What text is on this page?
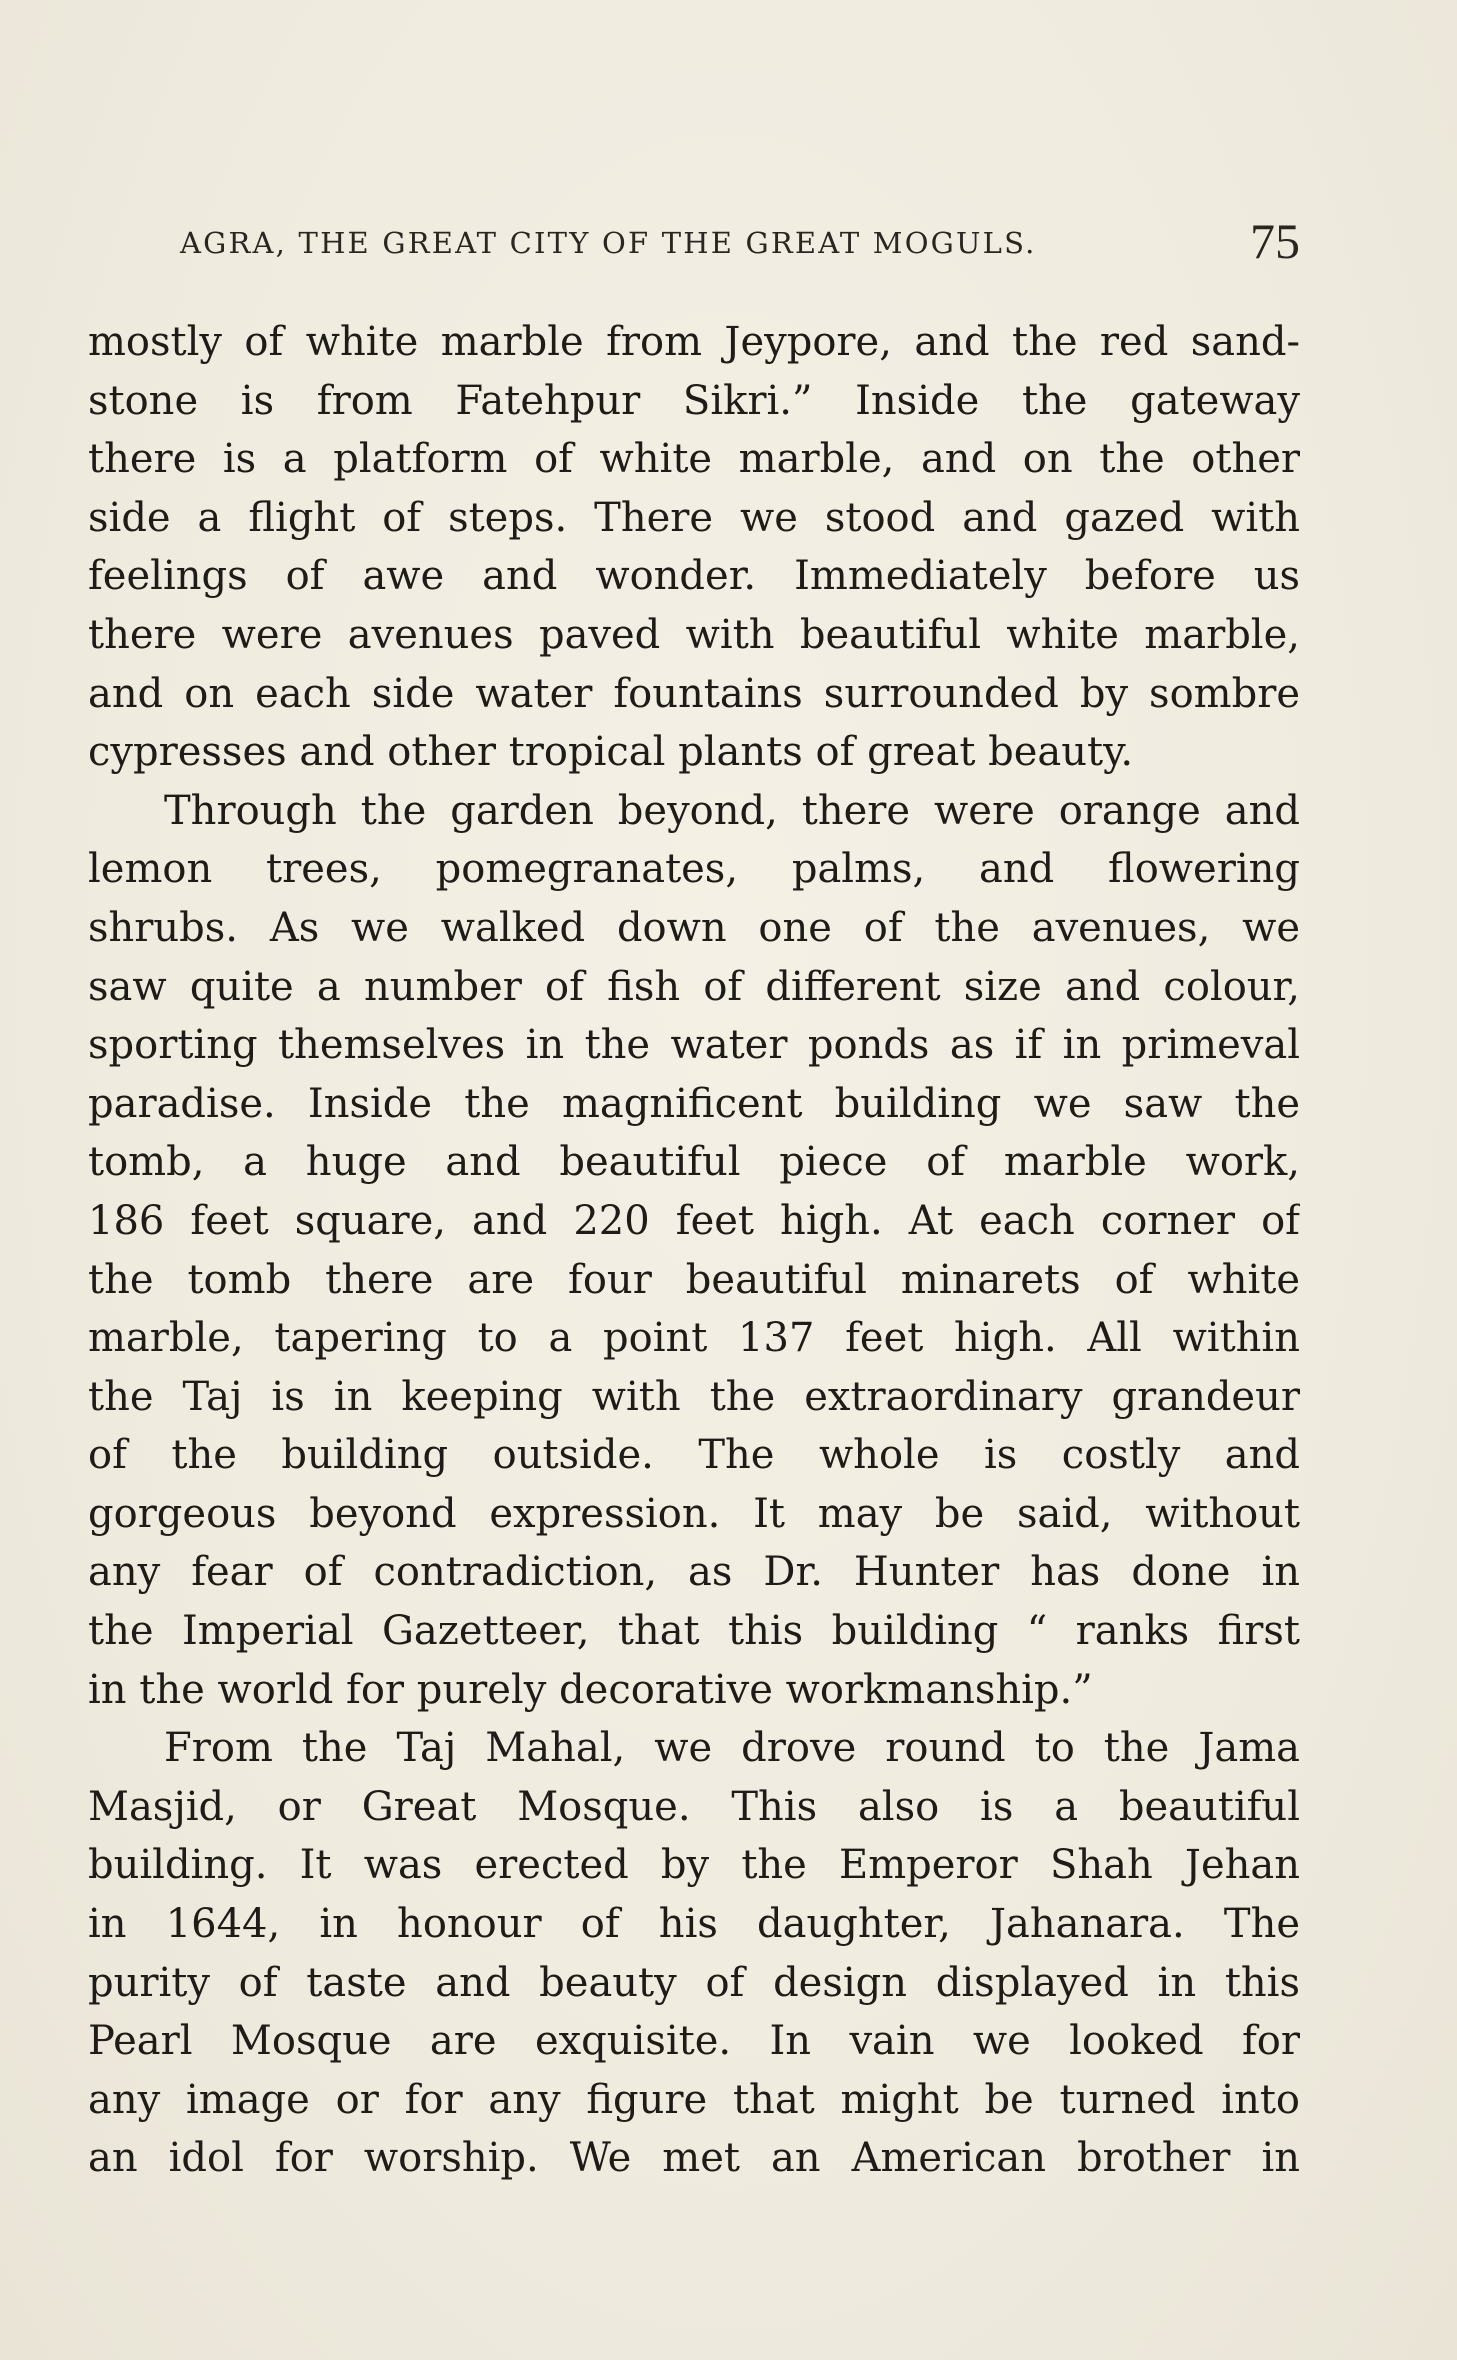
AGRA, THE GREAT CITY OF THE GREAT MOGULS.	75
mostly of white marble from Jeypore, and the red sand-
stone is from Fatehpur Sikri.” Inside the gateway
there is a platform of white marble, and on the other
side a flight of steps. There we stood and gazed with
feelings of awe and wonder. Immediately before us
there were avenues paved with beautiful white marble,
and on each side water fountains surrounded by sombre
cypresses and other tropical plants of great beauty.
Through the garden beyond, there were orange and
lemon trees, pomegranates, palms, and flowering
shrubs. As we walked down one of the avenues, we
saw quite a number of fish of different size and colour,
sporting themselves in the water ponds as if in primeval
paradise. Inside the magnificent building we saw the
tomb, a huge and beautiful piece of marble work,
186 feet square, and 220 feet high. At each corner of
the tomb there are four beautiful minarets of white
marble, tapering to a point 137 feet high. All within
the Taj is in keeping with the extraordinary grandeur
of the building outside. The whole is costly and
gorgeous beyond expression. It may be said, without
any fear of contradiction, as Dr. Hunter has done in
the Imperial Gazetteer, that this building “ ranks first
in the world for purely decorative workmanship.”
From the Taj Mahal, we drove round to the Jama
Masjid, or Great Mosque. This also is a beautiful
building. It was erected by the Emperor Shah Jehan
in 1644, in honour of his daughter, Jahanara. The
purity of taste and beauty of design displayed in this
Pearl Mosque are exquisite. In vain we looked for
any image or for any figure that might be turned into
an idol for worship. We met an American brother in
